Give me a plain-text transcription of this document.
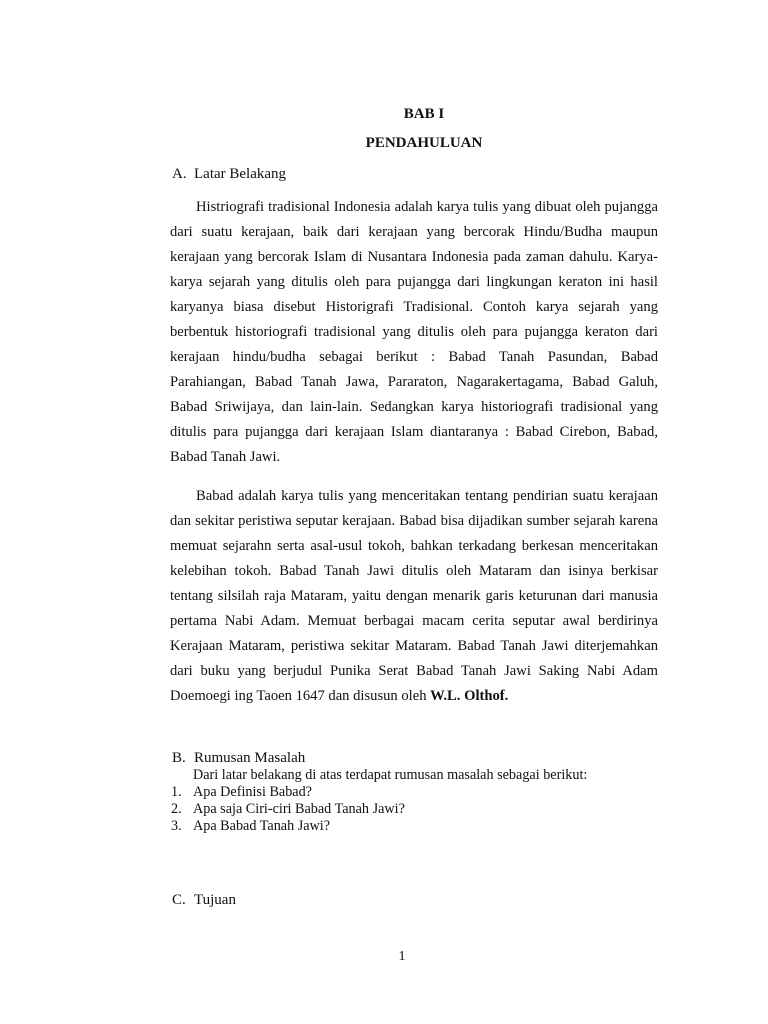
BAB I
PENDAHULUAN
A. Latar Belakang

Histriografi tradisional Indonesia adalah karya tulis yang dibuat oleh pujangga dari suatu kerajaan, baik dari kerajaan yang bercorak Hindu/Budha maupun kerajaan yang bercorak Islam di Nusantara Indonesia pada zaman dahulu. Karya-karya sejarah yang ditulis oleh para pujangga dari lingkungan keraton ini hasil karyanya biasa disebut Historigrafi Tradisional. Contoh karya sejarah yang berbentuk historiografi tradisional yang ditulis oleh para pujangga keraton dari kerajaan hindu/budha sebagai berikut : Babad Tanah Pasundan, Babad Parahiangan, Babad Tanah Jawa, Pararaton, Nagarakertagama, Babad Galuh, Babad Sriwijaya, dan lain-lain. Sedangkan karya historiografi tradisional yang ditulis para pujangga dari kerajaan Islam diantaranya : Babad Cirebon, Babad, Babad Tanah Jawi.

Babad adalah karya tulis yang menceritakan tentang pendirian suatu kerajaan dan sekitar peristiwa seputar kerajaan. Babad bisa dijadikan sumber sejarah karena memuat sejarahn serta asal-usul tokoh, bahkan terkadang berkesan menceritakan kelebihan tokoh. Babad Tanah Jawi ditulis oleh Mataram dan isinya berkisar tentang silsilah raja Mataram, yaitu dengan menarik garis keturunan dari manusia pertama Nabi Adam. Memuat berbagai macam cerita seputar awal berdirinya Kerajaan Mataram, peristiwa sekitar Mataram. Babad Tanah Jawi diterjemahkan dari buku yang berjudul Punika Serat Babad Tanah Jawi Saking Nabi Adam Doemoegi ing Taoen 1647 dan disusun oleh W.L. Olthof.

B. Rumusan Masalah
Dari latar belakang di atas terdapat rumusan masalah sebagai berikut:
1. Apa Definisi Babad?
2. Apa saja Ciri-ciri Babad Tanah Jawi?
3. Apa Babad Tanah Jawi?
C. Tujuan
1
